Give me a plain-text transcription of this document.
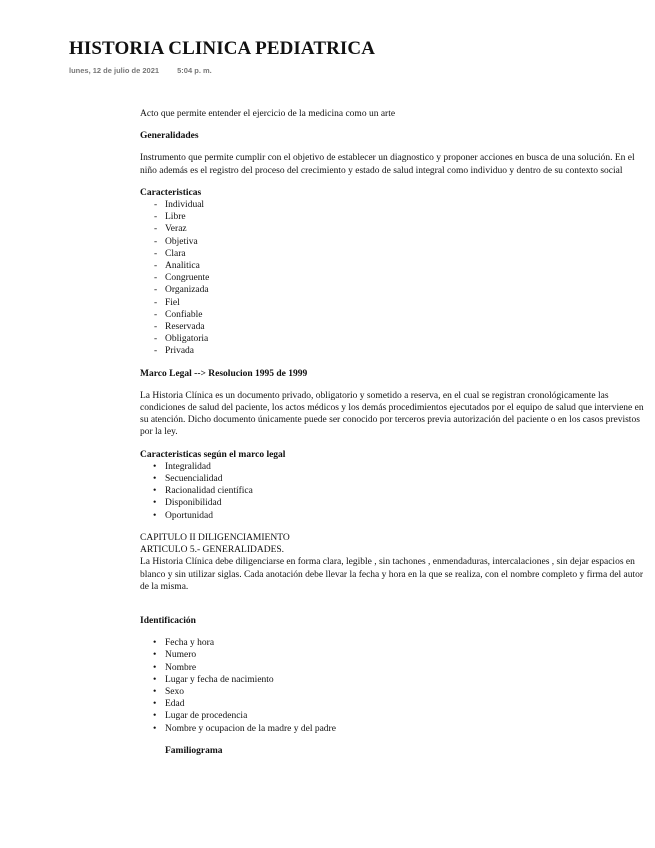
HISTORIA CLINICA PEDIATRICA
lunes, 12 de julio de 2021 5:04 p. m.

Acto que permite entender el ejercicio de la medicina como un arte

Generalidades

Instrumento que permite cumplir con el objetivo de establecer un diagnostico y proponer acciones en busca de una solución. En el niño además es el registro del proceso del crecimiento y estado de salud integral como individuo y dentro de su contexto social

Caracteristicas

- Individual
- Libre
- Veraz
- Objetiva
- Clara
- Analitica
- Congruente
- Organizada
- Fiel
- Confiable
- Reservada
- Obligatoria
- Privada

Marco Legal --> Resolucion 1995 de 1999

La Historia Clínica es un documento privado, obligatorio y sometido a reserva, en el cual se registran cronológicamente las condiciones de salud del paciente, los actos médicos y los demás procedimientos ejecutados por el equipo de salud que interviene en su atención. Dicho documento únicamente puede ser conocido por terceros previa autorización del paciente o en los casos previstos por la ley.

Caracteristicas según el marco legal

• Integralidad
• Secuencialidad
• Racionalidad científica
• Disponibilidad
• Oportunidad

CAPITULO II DILIGENCIAMIENTO

ARTICULO 5.- GENERALIDADES.

La Historia Clínica debe diligenciarse en forma clara, legible , sin tachones , enmendaduras, intercalaciones , sin dejar espacios en blanco y sin utilizar siglas. Cada anotación debe llevar la fecha y hora en la que se realiza, con el nombre completo y firma del autor de la misma.

Identificación

• Fecha y hora
• Numero
• Nombre
• Lugar y fecha de nacimiento
• Sexo
• Edad
• Lugar de procedencia
• Nombre y ocupacion de la madre y del padre

Familiograma
